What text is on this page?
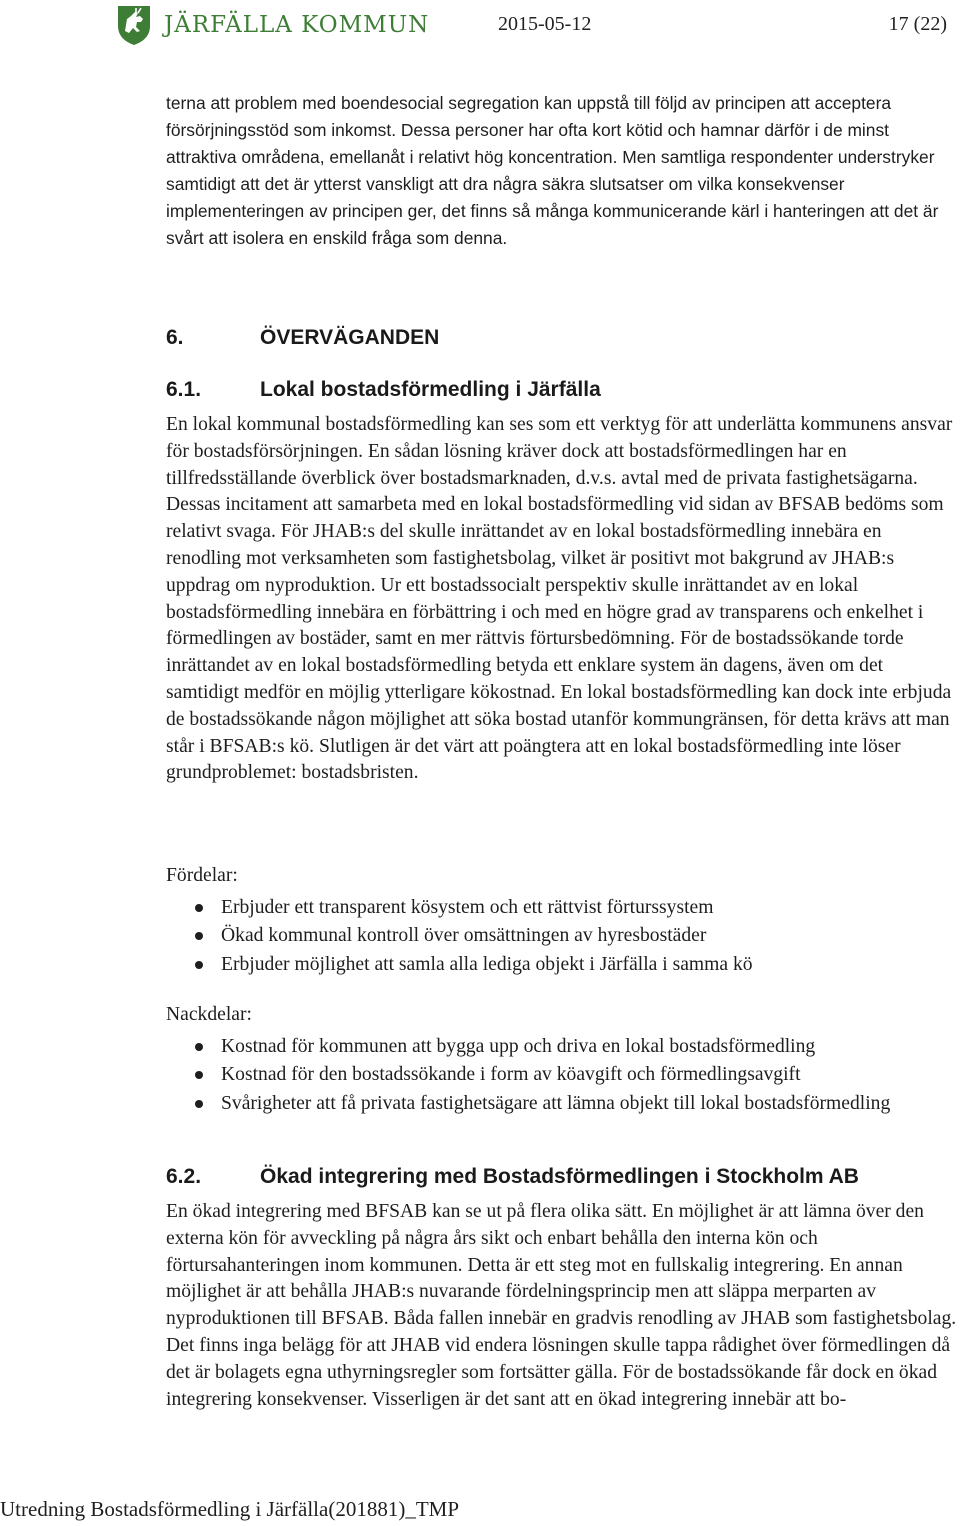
JÄRFÄLLA KOMMUN	2015-05-12	17 (22)

terna att problem med boendesocial segregation kan uppstå till följd av principen att acceptera försörjningsstöd som inkomst. Dessa personer har ofta kort kötid och hamnar därför i de minst attraktiva områdena, emellanåt i relativt hög koncentration. Men samtliga respondenter understryker samtidigt att det är ytterst vanskligt att dra några säkra slutsatser om vilka konsekvenser implementeringen av principen ger, det finns så många kommunicerande kärl i hanteringen att det är svårt att isolera en enskild fråga som denna.

6.	ÖVERVÄGANDEN
6.1.	Lokal bostadsförmedling i Järfälla

En lokal kommunal bostadsförmedling kan ses som ett verktyg för att underlätta kommunens ansvar för bostadsförsörjningen. En sådan lösning kräver dock att bostadsförmedlingen har en tillfredsställande överblick över bostadsmarknaden, d.v.s. avtal med de privata fastighetsägarna. Dessas incitament att samarbeta med en lokal bostadsförmedling vid sidan av BFSAB bedöms som relativt svaga. För JHAB:s del skulle inrättandet av en lokal bostadsförmedling innebära en renodling mot verksamheten som fastighetsbolag, vilket är positivt mot bakgrund av JHAB:s uppdrag om nyproduktion. Ur ett bostadssocialt perspektiv skulle inrättandet av en lokal bostadsförmedling innebära en förbättring i och med en högre grad av transparens och enkelhet i förmedlingen av bostäder, samt en mer rättvis förtursbedömning. För de bostadssökande torde inrättandet av en lokal bostadsförmedling betyda ett enklare system än dagens, även om det samtidigt medför en möjlig ytterligare kökostnad. En lokal bostadsförmedling kan dock inte erbjuda de bostadssökande någon möjlighet att söka bostad utanför kommungränsen, för detta krävs att man står i BFSAB:s kö. Slutligen är det värt att poängtera att en lokal bostadsförmedling inte löser grundproblemet: bostadsbristen.

Fördelar:

Erbjuder ett transparent kösystem och ett rättvist förturssystem
Ökad kommunal kontroll över omsättningen av hyresbostäder
Erbjuder möjlighet att samla alla lediga objekt i Järfälla i samma kö

Nackdelar:

Kostnad för kommunen att bygga upp och driva en lokal bostadsförmedling
Kostnad för den bostadssökande i form av köavgift och förmedlingsavgift
Svårigheter att få privata fastighetsägare att lämna objekt till lokal bostadsförmedling
6.2.	Ökad integrering med Bostadsförmedlingen i Stockholm AB

En ökad integrering med BFSAB kan se ut på flera olika sätt. En möjlighet är att lämna över den externa kön för avveckling på några års sikt och enbart behålla den interna kön och förtursahanteringen inom kommunen. Detta är ett steg mot en fullskalig integrering. En annan möjlighet är att behålla JHAB:s nuvarande fördelningsprincip men att släppa merparten av nyproduktionen till BFSAB. Båda fallen innebär en gradvis renodling av JHAB som fastighetsbolag. Det finns inga belägg för att JHAB vid endera lösningen skulle tappa rådighet över förmedlingen då det är bolagets egna uthyrningsregler som fortsätter gälla. För de bostadssökande får dock en ökad integrering konsekvenser. Visserligen är det sant att en ökad integrering innebär att bo-

Utredning Bostadsförmedling i Järfälla(201881)_TMP
